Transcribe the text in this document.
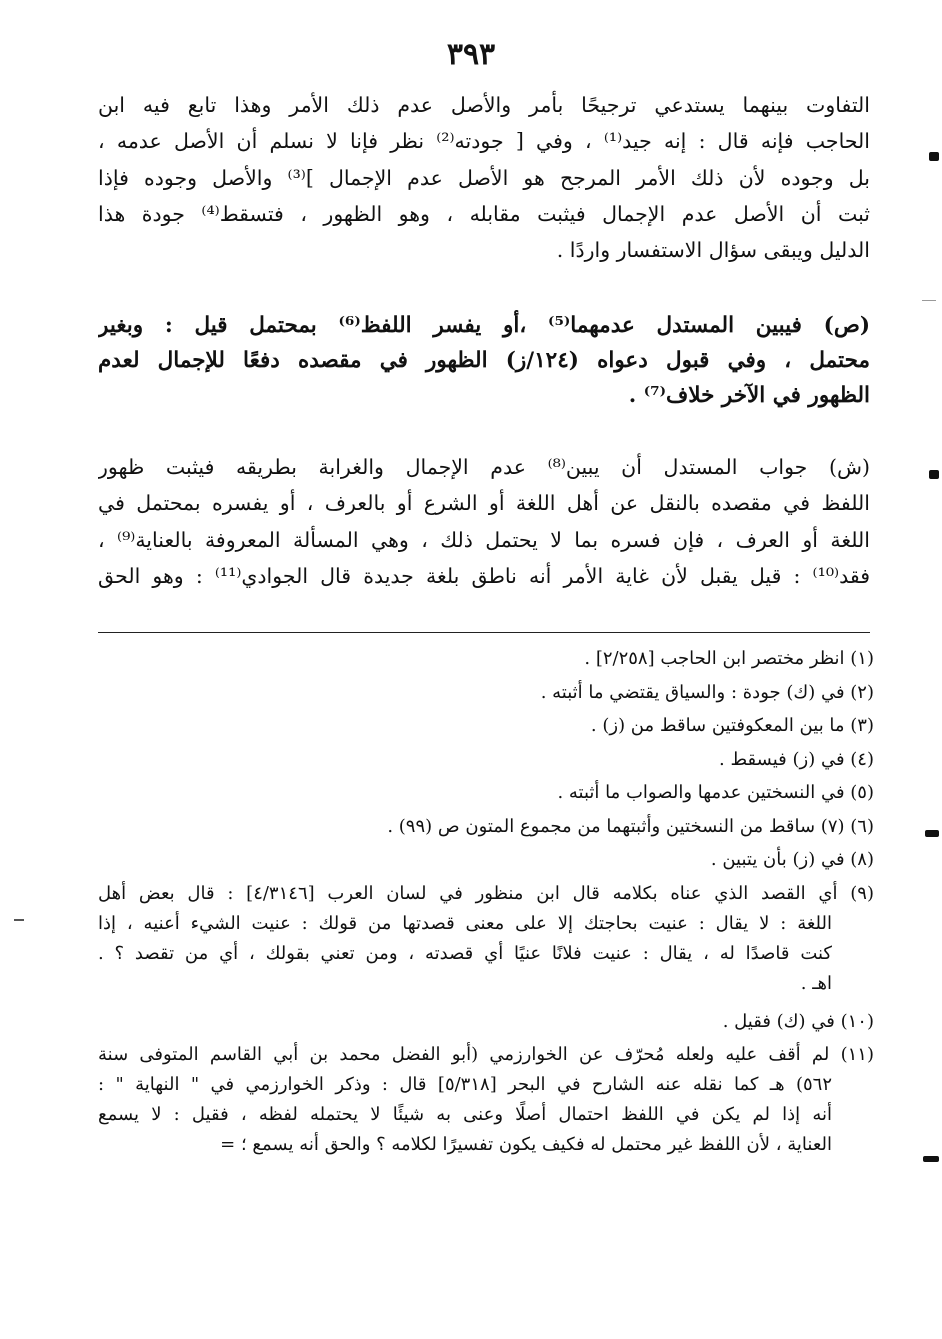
٣٩٣
التفاوت بينهما يستدعي ترجيحًا بأمر والأصل عدم ذلك الأمر وهذا تابع فيه ابن
الحاجب فإنه قال : إنه جيد⁽¹⁾ ، وفي [ جودته⁽²⁾ نظر فإنا لا نسلم أن الأصل عدمه ،
بل وجوده لأن ذلك الأمر المرجح هو الأصل عدم الإجمال ]⁽³⁾ والأصل وجوده فإذا
ثبت أن الأصل عدم الإجمال فيثبت مقابله ، وهو الظهور ، فتسقط⁽⁴⁾ جودة هذا
الدليل ويبقى سؤال الاستفسار واردًا .
(ص) فيبين المستدل عدمهما⁽⁵⁾ ،أو يفسر اللفظ⁽⁶⁾ بمحتمل قيل : وبغير
محتمل ، وفي قبول دعواه (١٢٤/ز) الظهور في مقصده دفعًا للإجمال لعدم
الظهور في الآخر خلاف⁽⁷⁾ .
(ش) جواب المستدل أن يبين⁽⁸⁾ عدم الإجمال والغرابة بطريقه فيثبت ظهور
اللفظ في مقصده بالنقل عن أهل اللغة أو الشرع أو بالعرف ، أو يفسره بمحتمل في
اللغة أو العرف ، فإن فسره بما لا يحتمل ذلك ، وهي المسألة المعروفة بالعناية⁽⁹⁾ ،
فقد⁽¹⁰⁾ : قيل يقبل لأن غاية الأمر أنه ناطق بلغة جديدة قال الجوادي⁽¹¹⁾ : وهو الحق
(١) انظر مختصر ابن الحاجب [٢/٢٥٨] .
(٢) في (ك) جودة : والسياق يقتضي ما أثبته .
(٣) ما بين المعكوفتين ساقط من (ز) .
(٤) في (ز) فيسقط .
(٥) في النسختين عدمها والصواب ما أثبته .
(٦) (٧) ساقط من النسختين وأثبتهما من مجموع المتون ص (٩٩) .
(٨) في (ز) بأن يتبين .
(٩) أي القصد الذي عناه بكلامه قال ابن منظور في لسان العرب [٤/٣١٤٦] : قال بعض أهل
اللغة : لا يقال : عنيت بحاجتك إلا على معنى قصدتها من قولك : عنيت الشيء أعنيه ، إذا
كنت قاصدًا له ، يقال : عنيت فلانًا عنيًا أي قصدته ، ومن تعني بقولك ، أي من تقصد ؟ .
اهـ .
(١٠) في (ك) فقيل .
(١١) لم أقف عليه ولعله مُحرّف عن الخوارزمي (أبو الفضل محمد بن أبي القاسم المتوفى سنة
٥٦٢) هـ كما نقله عنه الشارح في البحر [٥/٣١٨] قال : وذكر الخوارزمي في " النهاية " :
أنه إذا لم يكن في اللفظ احتمال أصلًا وعنى به شيئًا لا يحتمله لفظه ، فقيل : لا يسمع
العناية ، لأن اللفظ غير محتمل له فكيف يكون تفسيرًا لكلامه ؟ والحق أنه يسمع ؛ =
